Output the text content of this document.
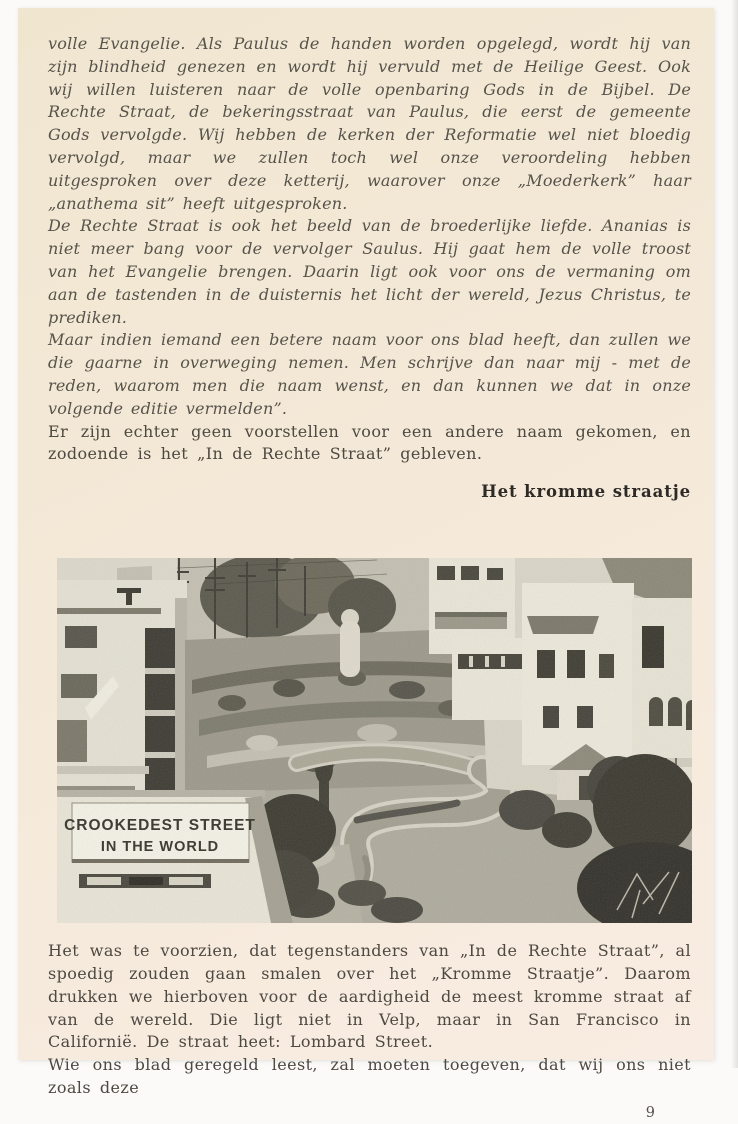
volle Evangelie. Als Paulus de handen worden opgelegd, wordt hij van zijn blindheid genezen en wordt hij vervuld met de Heilige Geest. Ook wij willen luisteren naar de volle openbaring Gods in de Bijbel. De Rechte Straat, de bekeringsstraat van Paulus, die eerst de gemeente Gods vervolgde. Wij hebben de kerken der Reformatie wel niet bloedig vervolgd, maar we zullen toch wel onze veroordeling hebben uitgesproken over deze ketterij, waarover onze „Moederkerk” haar „anathema sit” heeft uitgesproken.

De Rechte Straat is ook het beeld van de broederlijke liefde. Ananias is niet meer bang voor de vervolger Saulus. Hij gaat hem de volle troost van het Evangelie brengen. Daarin ligt ook voor ons de vermaning om aan de tastenden in de duisternis het licht der wereld, Jezus Christus, te prediken.

Maar indien iemand een betere naam voor ons blad heeft, dan zullen we die gaarne in overweging nemen. Men schrijve dan naar mij - met de reden, waarom men die naam wenst, en dan kunnen we dat in onze volgende editie vermelden”.

Er zijn echter geen voorstellen voor een andere naam gekomen, en zodoende is het „In de Rechte Straat” gebleven.

Het kromme straatje
CROOKEDEST STREET
IN THE WORLD

Het was te voorzien, dat tegenstanders van „In de Rechte Straat”, al spoedig zouden gaan smalen over het „Kromme Straatje”. Daarom drukken we hierboven voor de aardigheid de meest kromme straat af van de wereld. Die ligt niet in Velp, maar in San Francisco in Californië. De straat heet: Lombard Street.

Wie ons blad geregeld leest, zal moeten toegeven, dat wij ons niet zoals deze

9
